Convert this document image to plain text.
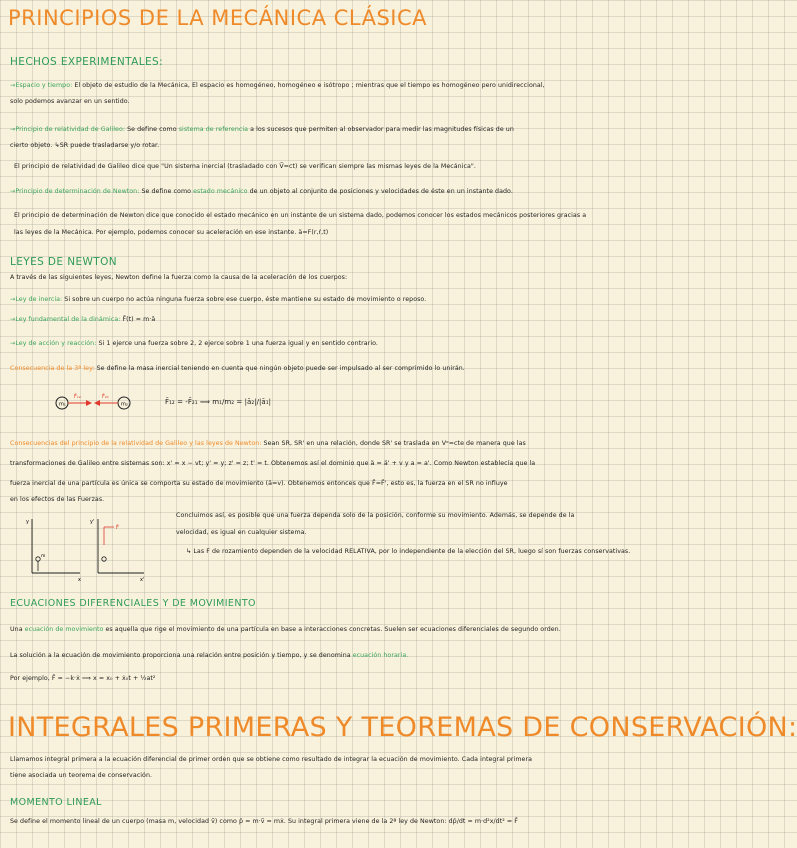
PRINCIPIOS DE LA MECÁNICA CLÁSICA
HECHOS EXPERIMENTALES:
→Espacio y tiempo: El objeto de estudio de la Mecánica, El espacio es homogéneo, homogéneo e isótropo ; mientras que el tiempo es homogéneo pero unidireccional,
solo podemos avanzar en un sentido.
→Principio de relatividad de Galileo: Se define como sistema de referencia a los sucesos que permiten al observador para medir las magnitudes físicas de un
cierto objeto. ↳SR puede trasladarse y/o rotar.
El principio de relatividad de Galileo dice que "Un sistema inercial (trasladado con Ṽ=ct) se verifican siempre las mismas leyes de la Mecánica".
→Principio de determinación de Newton: Se define como estado mecánico de un objeto al conjunto de posiciones y velocidades de éste en un instante dado.
El principio de determinación de Newton dice que conocido el estado mecánico en un instante de un sistema dado, podemos conocer los estados mecánicos posteriores gracias a
las leyes de la Mecánica. Por ejemplo, podemos conocer su aceleración en ese instante. ä=F(r,ṙ,t)
LEYES DE NEWTON
A través de las siguientes leyes, Newton define la fuerza como la causa de la aceleración de los cuerpos:
→Ley de inercia: Si sobre un cuerpo no actúa ninguna fuerza sobre ese cuerpo, éste mantiene su estado de movimiento o reposo.
→Ley fundamental de la dinámica: F̄(t) = m·ā
→Ley de acción y reacción: Si 1 ejerce una fuerza sobre 2, 2 ejerce sobre 1 una fuerza igual y en sentido contrario.
Consecuencia de la 3ª ley: Se define la masa inercial teniendo en cuenta que ningún objeto puede ser impulsado al ser comprimido lo unirán.
m₁	m₂
F̄₁₂	F̄₂₁
F̄₁₂ = -F̄₂₁ ⟹ m₁/m₂ = |ā₂|/|ā₁|
Consecuencias del principio de la relatividad de Galileo y las leyes de Newton: Sean SR, SR' en una relación, donde SR' se traslada en Vᵒ=cte de manera que las
transformaciones de Galileo entre sistemas son: x' = x − vt; y' = y; z' = z; t' = t. Obtenemos así el dominio que ä = ä' + v y a = a'. Como Newton establecía que la
fuerza inercial de una partícula es única se comporta su estado de movimiento (ä=v). Obtenemos entonces que F̄=F̄', esto es, la fuerza en el SR no influye
en los efectos de las Fuerzas.
y
x
y'
x'
m
F̄
Concluimos así, es posible que una fuerza dependa solo de la posición, conforme su movimiento. Además, se depende de la
velocidad, es igual en cualquier sistema.
↳ Las F de rozamiento dependen de la velocidad RELATIVA, por lo independiente de la elección del SR, luego sí son fuerzas conservativas.
ECUACIONES DIFERENCIALES Y DE MOVIMIENTO
Una ecuación de movimiento es aquella que rige el movimiento de una partícula en base a interacciones concretas. Suelen ser ecuaciones diferenciales de segundo orden.
La solución a la ecuación de movimiento proporciona una relación entre posición y tiempo, y se denomina ecuación horaria.
Por ejemplo, F̄ = −k·ẋ ⟹ x = x₀ + ẋ₀t + ½at²
INTEGRALES PRIMERAS Y TEOREMAS DE CONSERVACIÓN:
Llamamos integral primera a la ecuación diferencial de primer orden que se obtiene como resultado de integrar la ecuación de movimiento. Cada integral primera
tiene asociada un teorema de conservación.
MOMENTO LINEAL
Se define el momento lineal de un cuerpo (masa m, velocidad ṽ) como p̄ = m·ṽ = mẋ. Su integral primera viene de la 2ª ley de Newton: dp̄/dt = m·d²x/dt² = F̄
